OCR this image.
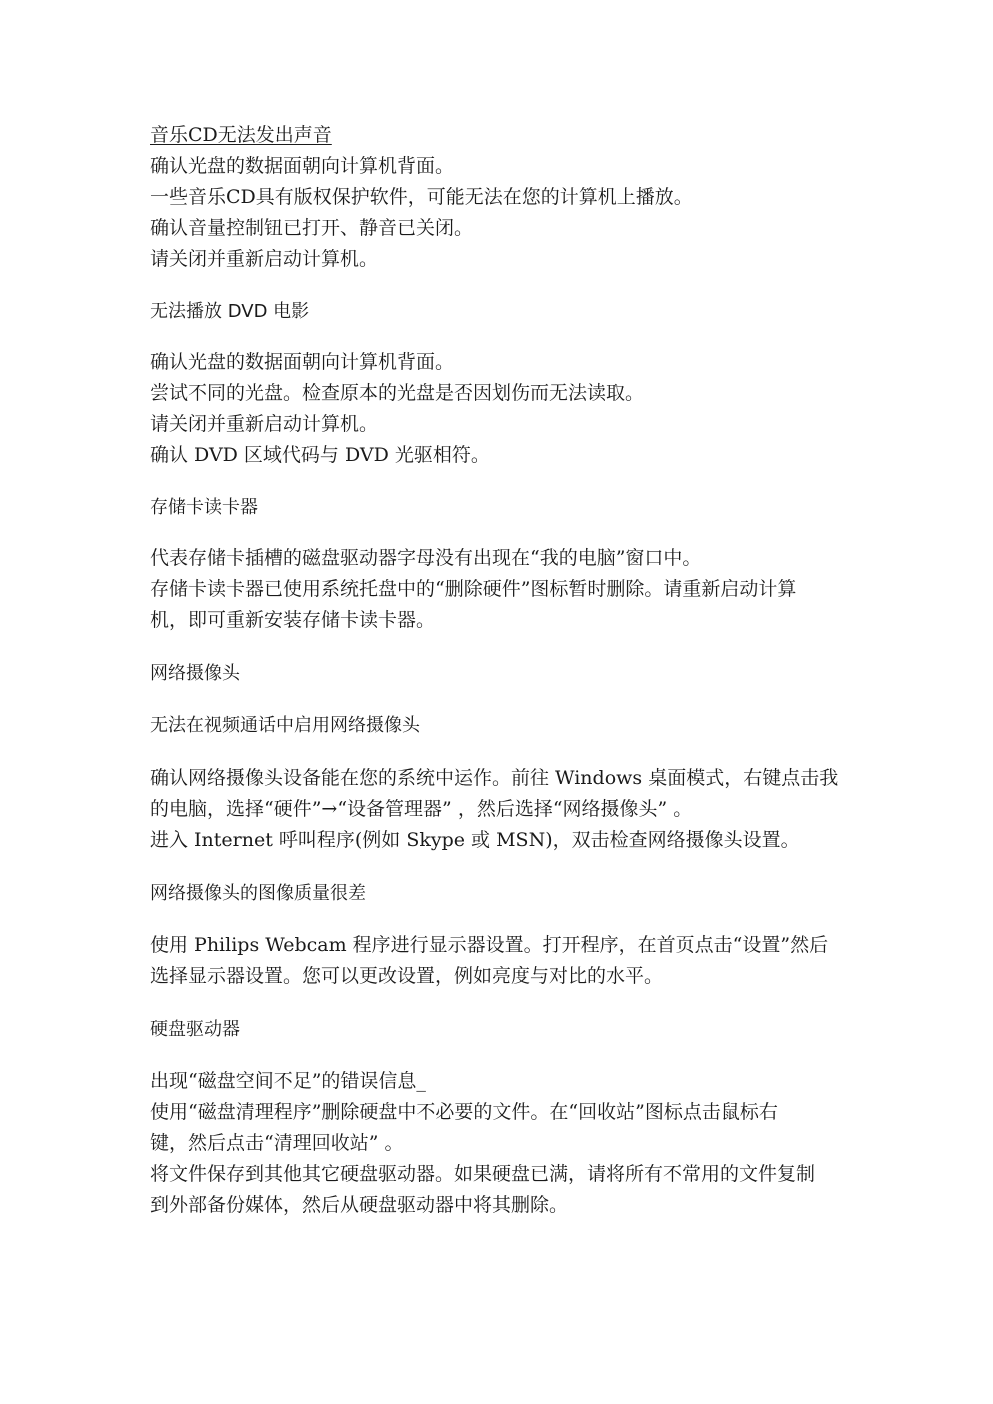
音乐CD无法发出声音
确认光盘的数据面朝向计算机背面。
一些音乐CD具有版权保护软件，可能无法在您的计算机上播放。
确认音量控制钮已打开、静音已关闭。
请关闭并重新启动计算机。
无法播放 DVD 电影
确认光盘的数据面朝向计算机背面。
尝试不同的光盘。检查原本的光盘是否因划伤而无法读取。
请关闭并重新启动计算机。
确认 DVD 区域代码与 DVD 光驱相符。
存储卡读卡器
代表存储卡插槽的磁盘驱动器字母没有出现在“我的电脑”窗口中。
存储卡读卡器已使用系统托盘中的“删除硬件”图标暂时删除。请重新启动计算
机，即可重新安装存储卡读卡器。
网络摄像头
无法在视频通话中启用网络摄像头
确认网络摄像头设备能在您的系统中运作。前往 Windows 桌面模式，右键点击我
的电脑，选择“硬件”→“设备管理器” ，然后选择“网络摄像头” 。
进入 Internet 呼叫程序(例如 Skype 或 MSN)，双击检查网络摄像头设置。
网络摄像头的图像质量很差
使用 Philips Webcam 程序进行显示器设置。打开程序，在首页点击“设置”然后
选择显示器设置。您可以更改设置，例如亮度与对比的水平。
硬盘驱动器
出现“磁盘空间不足”的错误信息_
使用“磁盘清理程序”删除硬盘中不必要的文件。在“回收站”图标点击鼠标右
键，然后点击“清理回收站” 。
将文件保存到其他其它硬盘驱动器。如果硬盘已满，请将所有不常用的文件复制
到外部备份媒体，然后从硬盘驱动器中将其删除。
